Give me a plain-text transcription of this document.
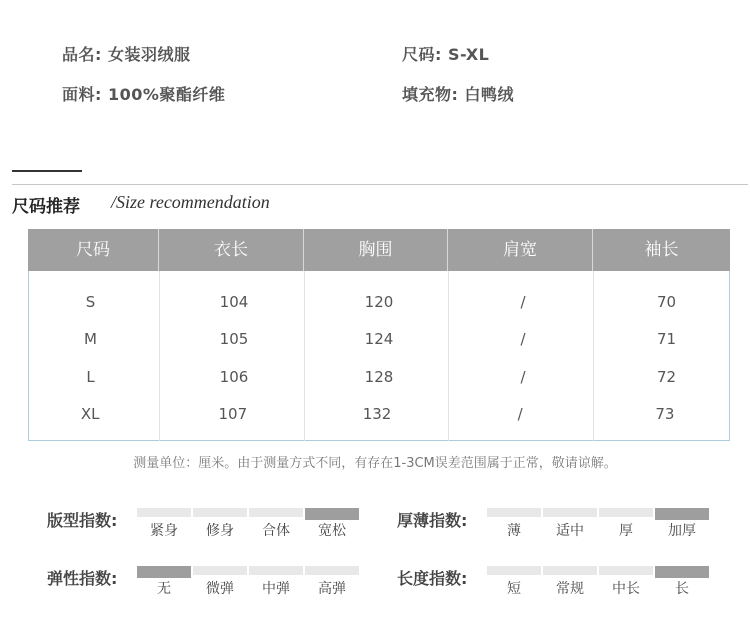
品名: 女装羽绒服	尺码: S-XL
面料: 100%聚酯纤维	填充物: 白鸭绒
尺码推荐 /Size recommendation
尺码	衣长	胸围	肩宽	袖长
S	104	120	/	70
M	105	124	/	71
L	106	128	/	72
XL	107	132	/	73
测量单位：厘米。由于测量方式不同，有存在1-3CM误差范围属于正常，敬请谅解。
版型指数:	厚薄指数:
弹性指数:	长度指数:
紧身	修身	合体	宽松	薄	适中	厚	加厚
无	微弹	中弹	高弹	短	常规	中长	长
